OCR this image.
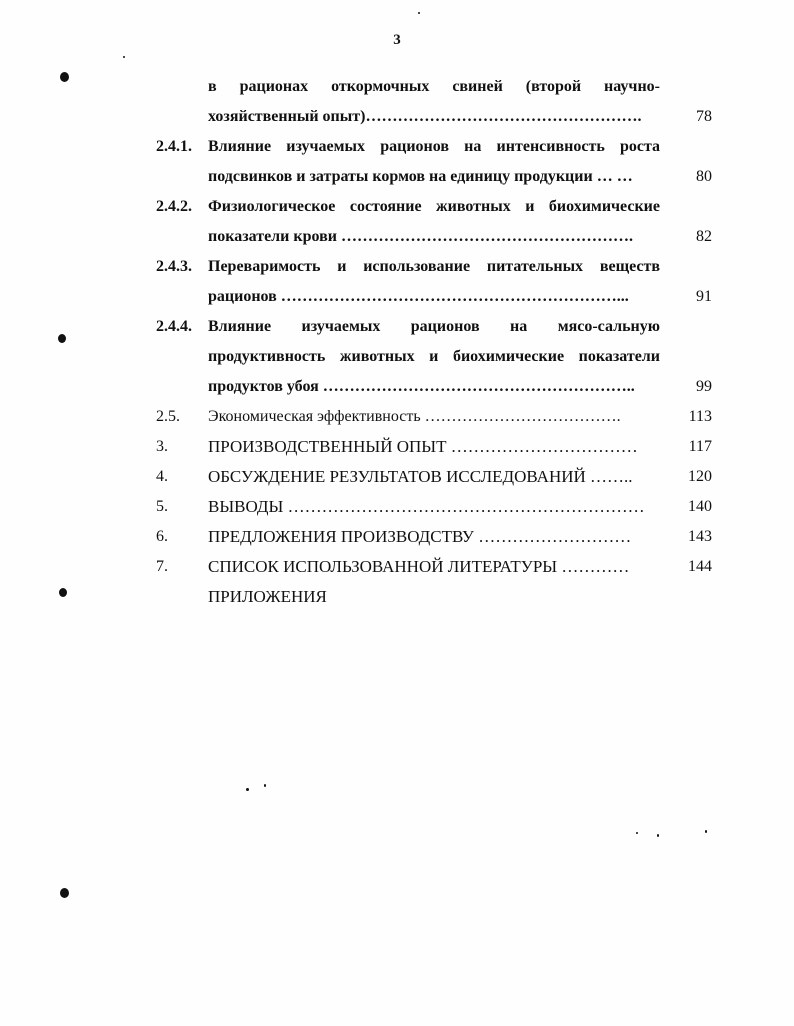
3
в рационах откормочных свиней (второй научно-
хозяйственный опыт)…………………………………………….	78
2.4.1. Влияние изучаемых рационов на интенсивность роста
подсвинков и затраты кормов на единицу продукции … …	80
2.4.2. Физиологическое состояние животных и биохимические
показатели крови ……………………………………………….	82
2.4.3. Переваримость и использование питательных веществ
рационов ………………………………………………………...	91
2.4.4. Влияние изучаемых рационов на мясо-сальную
продуктивность животных и биохимические показатели
продуктов убоя …………………………………………………..	99
2.5. Экономическая эффективность ……………………………….	113
3. ПРОИЗВОДСТВЕННЫЙ ОПЫТ ……………………………	117
4. ОБСУЖДЕНИЕ РЕЗУЛЬТАТОВ ИССЛЕДОВАНИЙ ……..	120
5. ВЫВОДЫ ………………………………………………………	140
6. ПРЕДЛОЖЕНИЯ ПРОИЗВОДСТВУ ………………………	143
7. СПИСОК ИСПОЛЬЗОВАННОЙ ЛИТЕРАТУРЫ …………	144
ПРИЛОЖЕНИЯ
